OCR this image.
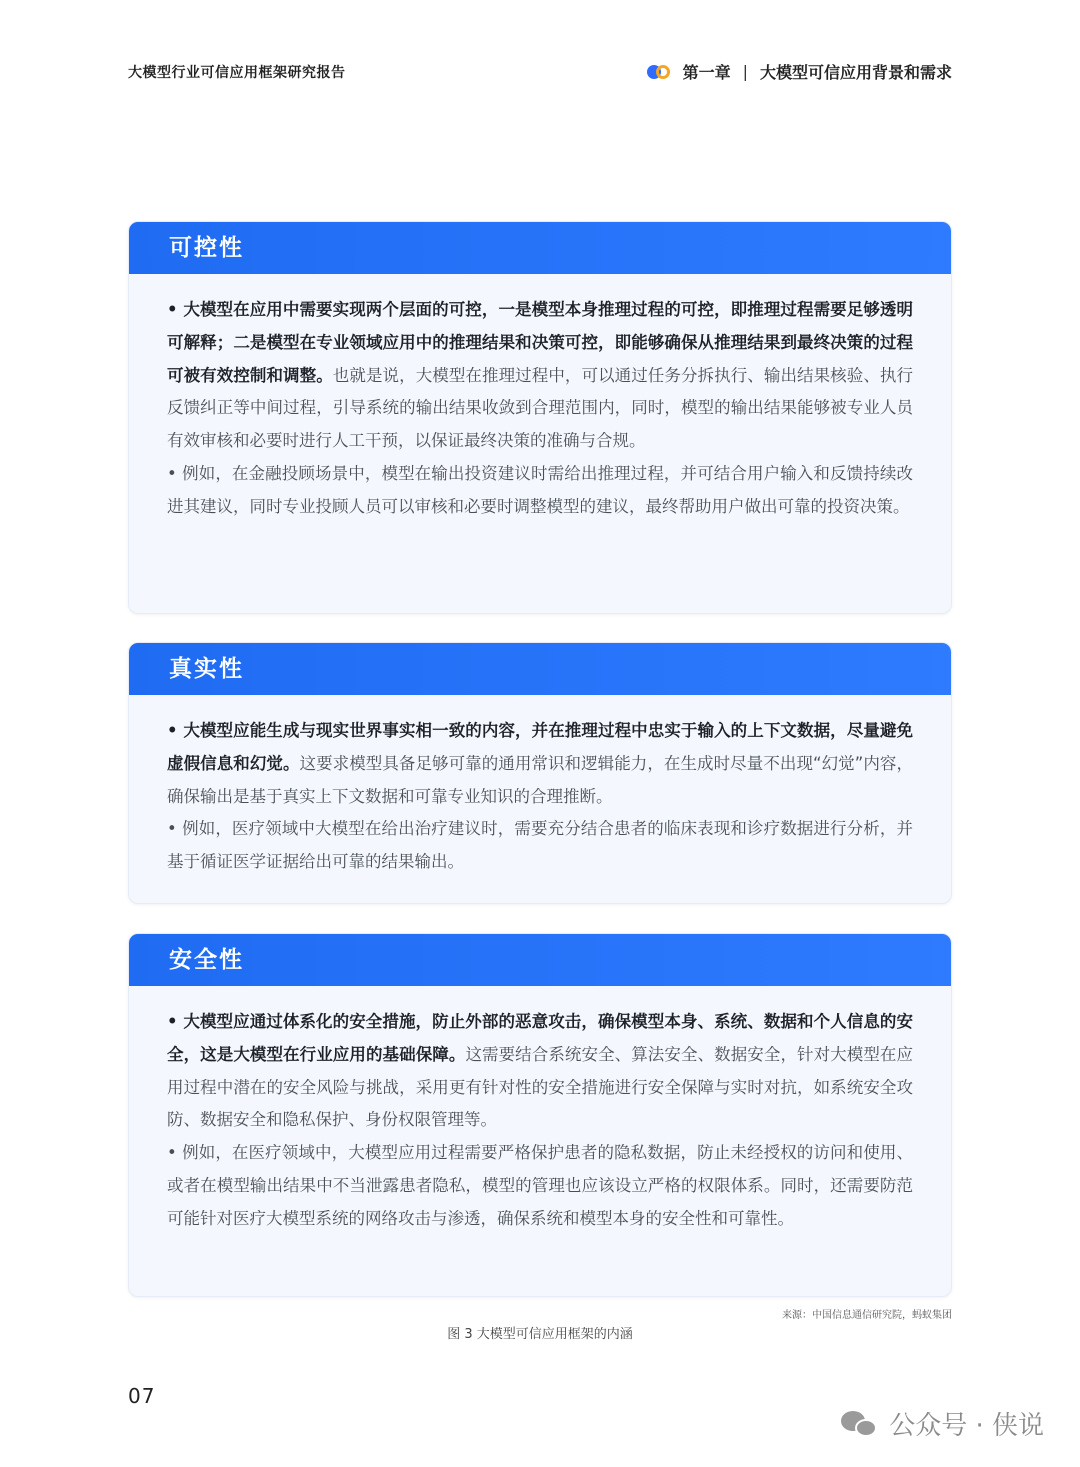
大模型行业可信应用框架研究报告	第一章 | 大模型可信应用背景和需求
可控性

• 大模型在应用中需要实现两个层面的可控，一是模型本身推理过程的可控，即推理过程需要足够透明可解释；二是模型在专业领域应用中的推理结果和决策可控，即能够确保从推理结果到最终决策的过程可被有效控制和调整。也就是说，大模型在推理过程中，可以通过任务分拆执行、输出结果核验、执行反馈纠正等中间过程，引导系统的输出结果收敛到合理范围内，同时，模型的输出结果能够被专业人员有效审核和必要时进行人工干预，以保证最终决策的准确与合规。

• 例如，在金融投顾场景中，模型在输出投资建议时需给出推理过程，并可结合用户输入和反馈持续改进其建议，同时专业投顾人员可以审核和必要时调整模型的建议，最终帮助用户做出可靠的投资决策。

真实性

• 大模型应能生成与现实世界事实相一致的内容，并在推理过程中忠实于输入的上下文数据，尽量避免虚假信息和幻觉。这要求模型具备足够可靠的通用常识和逻辑能力，在生成时尽量不出现“幻觉”内容，确保输出是基于真实上下文数据和可靠专业知识的合理推断。

• 例如，医疗领域中大模型在给出治疗建议时，需要充分结合患者的临床表现和诊疗数据进行分析，并基于循证医学证据给出可靠的结果输出。

安全性

• 大模型应通过体系化的安全措施，防止外部的恶意攻击，确保模型本身、系统、数据和个人信息的安全，这是大模型在行业应用的基础保障。这需要结合系统安全、算法安全、数据安全，针对大模型在应用过程中潜在的安全风险与挑战，采用更有针对性的安全措施进行安全保障与实时对抗，如系统安全攻防、数据安全和隐私保护、身份权限管理等。

• 例如，在医疗领域中，大模型应用过程需要严格保护患者的隐私数据，防止未经授权的访问和使用、或者在模型输出结果中不当泄露患者隐私，模型的管理也应该设立严格的权限体系。同时，还需要防范可能针对医疗大模型系统的网络攻击与渗透，确保系统和模型本身的安全性和可靠性。

来源：中国信息通信研究院，蚂蚁集团
图 3 大模型可信应用框架的内涵
07
公众号 · 侠说
